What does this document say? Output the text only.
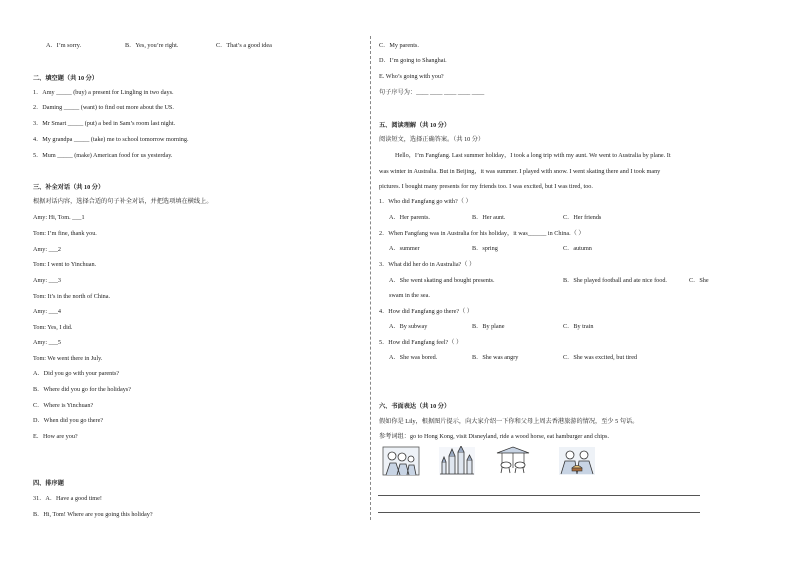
A．I’m sorry.	B．Yes, you’re right.	C．That’s a good idea
二、填空题（共 10 分）
1．Amy _____ (buy) a present for Lingling in two days.
2．Daming _____ (want) to find out more about the US.
3．Mr Smart _____ (put) a bed in Sam’s room last night.
4．My grandpa _____ (take) me to school tomorrow morning.
5．Mum _____ (make) American food for us yesterday.
三、补全对话（共 10 分）
根据对话内容，选择合适的句子补全对话，并把选项填在横线上。
Amy: Hi, Tom. ___1
Tom: I’m fine, thank you.
Amy: ___2
Tom: I went to Yinchuan.
Amy: ___3
Tom: It’s in the north of China.
Amy: ___4
Tom: Yes, I did.
Amy: ___5
Tom: We went there in July.
A．Did you go with your parents?
B．Where did you go for the holidays?
C．Where is Yinchuan?
D．When did you go there?
E．How are you?
四、排序题
31．A．Have a good time!
B．Hi, Tom! Where are you going this holiday?
C．My parents.
D．I’m going to Shanghai.
E. Who’s going with you?
句子序号为：____ ____ ____ ____ ____
五、阅读理解（共 10 分）
阅读短文，选择正确答案。（共 10 分）
Hello，I’m Fangfang. Last summer holiday，I took a long trip with my aunt. We went to Australia by plane. It
was winter in Australia. But in Beijing，it was summer. I played with snow. I went skating there and I took many
pictures. I bought many presents for my friends too. I was excited, but I was tired, too.
1．Who did Fangfang go with?（ ）
A．Her parents.	B．Her aunt.	C．Her friends
2．When Fangfang was in Australia for his holiday，it was______ in China.（ ）
A．summer	B．spring	C．autumn
3．What did her do in Australia?（ ）
A．She went skating and bought presents.	B．She played football and ate nice food.	C．She
swam in the sea.
4．How did Fangfang go there?（ ）
A．By subway	B．By plane	C．By train
5．How did Fangfang feel?（ ）
A．She was bored.	B．She was angry	C．She was excited, but tired
六、书面表达（共 10 分）
假如你是 Lily，根据图片提示，向大家介绍一下你和父母上周去香港旅游的情况，至少 5 句话。
参考词组：go to Hong Kong, visit Disneyland, ride a wood horse, eat hamburger and chips.
